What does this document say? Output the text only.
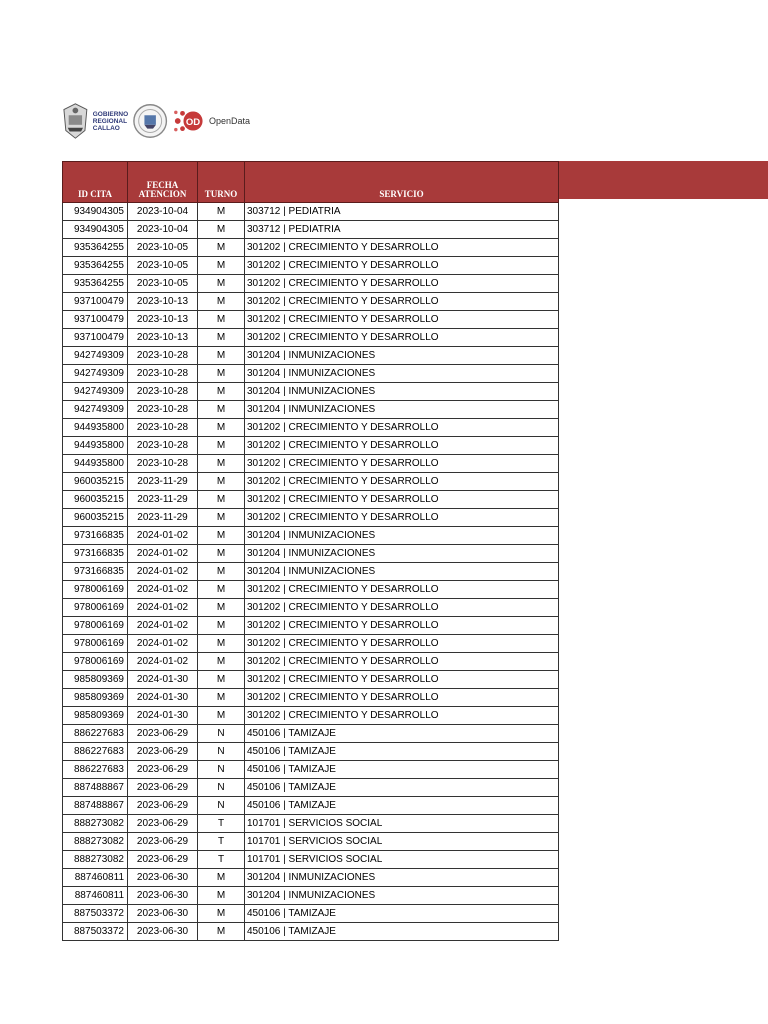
GOBIERNO
REGIONAL
CALLAO
OD OpenData
ID CITA	FECHA ATENCION	TURNO	SERVICIO
934904305	2023-10-04	M	303712 | PEDIATRIA
934904305	2023-10-04	M	303712 | PEDIATRIA
935364255	2023-10-05	M	301202 | CRECIMIENTO Y DESARROLLO
935364255	2023-10-05	M	301202 | CRECIMIENTO Y DESARROLLO
935364255	2023-10-05	M	301202 | CRECIMIENTO Y DESARROLLO
937100479	2023-10-13	M	301202 | CRECIMIENTO Y DESARROLLO
937100479	2023-10-13	M	301202 | CRECIMIENTO Y DESARROLLO
937100479	2023-10-13	M	301202 | CRECIMIENTO Y DESARROLLO
942749309	2023-10-28	M	301204 | INMUNIZACIONES
942749309	2023-10-28	M	301204 | INMUNIZACIONES
942749309	2023-10-28	M	301204 | INMUNIZACIONES
942749309	2023-10-28	M	301204 | INMUNIZACIONES
944935800	2023-10-28	M	301202 | CRECIMIENTO Y DESARROLLO
944935800	2023-10-28	M	301202 | CRECIMIENTO Y DESARROLLO
944935800	2023-10-28	M	301202 | CRECIMIENTO Y DESARROLLO
960035215	2023-11-29	M	301202 | CRECIMIENTO Y DESARROLLO
960035215	2023-11-29	M	301202 | CRECIMIENTO Y DESARROLLO
960035215	2023-11-29	M	301202 | CRECIMIENTO Y DESARROLLO
973166835	2024-01-02	M	301204 | INMUNIZACIONES
973166835	2024-01-02	M	301204 | INMUNIZACIONES
973166835	2024-01-02	M	301204 | INMUNIZACIONES
978006169	2024-01-02	M	301202 | CRECIMIENTO Y DESARROLLO
978006169	2024-01-02	M	301202 | CRECIMIENTO Y DESARROLLO
978006169	2024-01-02	M	301202 | CRECIMIENTO Y DESARROLLO
978006169	2024-01-02	M	301202 | CRECIMIENTO Y DESARROLLO
978006169	2024-01-02	M	301202 | CRECIMIENTO Y DESARROLLO
985809369	2024-01-30	M	301202 | CRECIMIENTO Y DESARROLLO
985809369	2024-01-30	M	301202 | CRECIMIENTO Y DESARROLLO
985809369	2024-01-30	M	301202 | CRECIMIENTO Y DESARROLLO
886227683	2023-06-29	N	450106 | TAMIZAJE
886227683	2023-06-29	N	450106 | TAMIZAJE
886227683	2023-06-29	N	450106 | TAMIZAJE
887488867	2023-06-29	N	450106 | TAMIZAJE
887488867	2023-06-29	N	450106 | TAMIZAJE
888273082	2023-06-29	T	101701 | SERVICIOS SOCIAL
888273082	2023-06-29	T	101701 | SERVICIOS SOCIAL
888273082	2023-06-29	T	101701 | SERVICIOS SOCIAL
887460811	2023-06-30	M	301204 | INMUNIZACIONES
887460811	2023-06-30	M	301204 | INMUNIZACIONES
887503372	2023-06-30	M	450106 | TAMIZAJE
887503372	2023-06-30	M	450106 | TAMIZAJE
